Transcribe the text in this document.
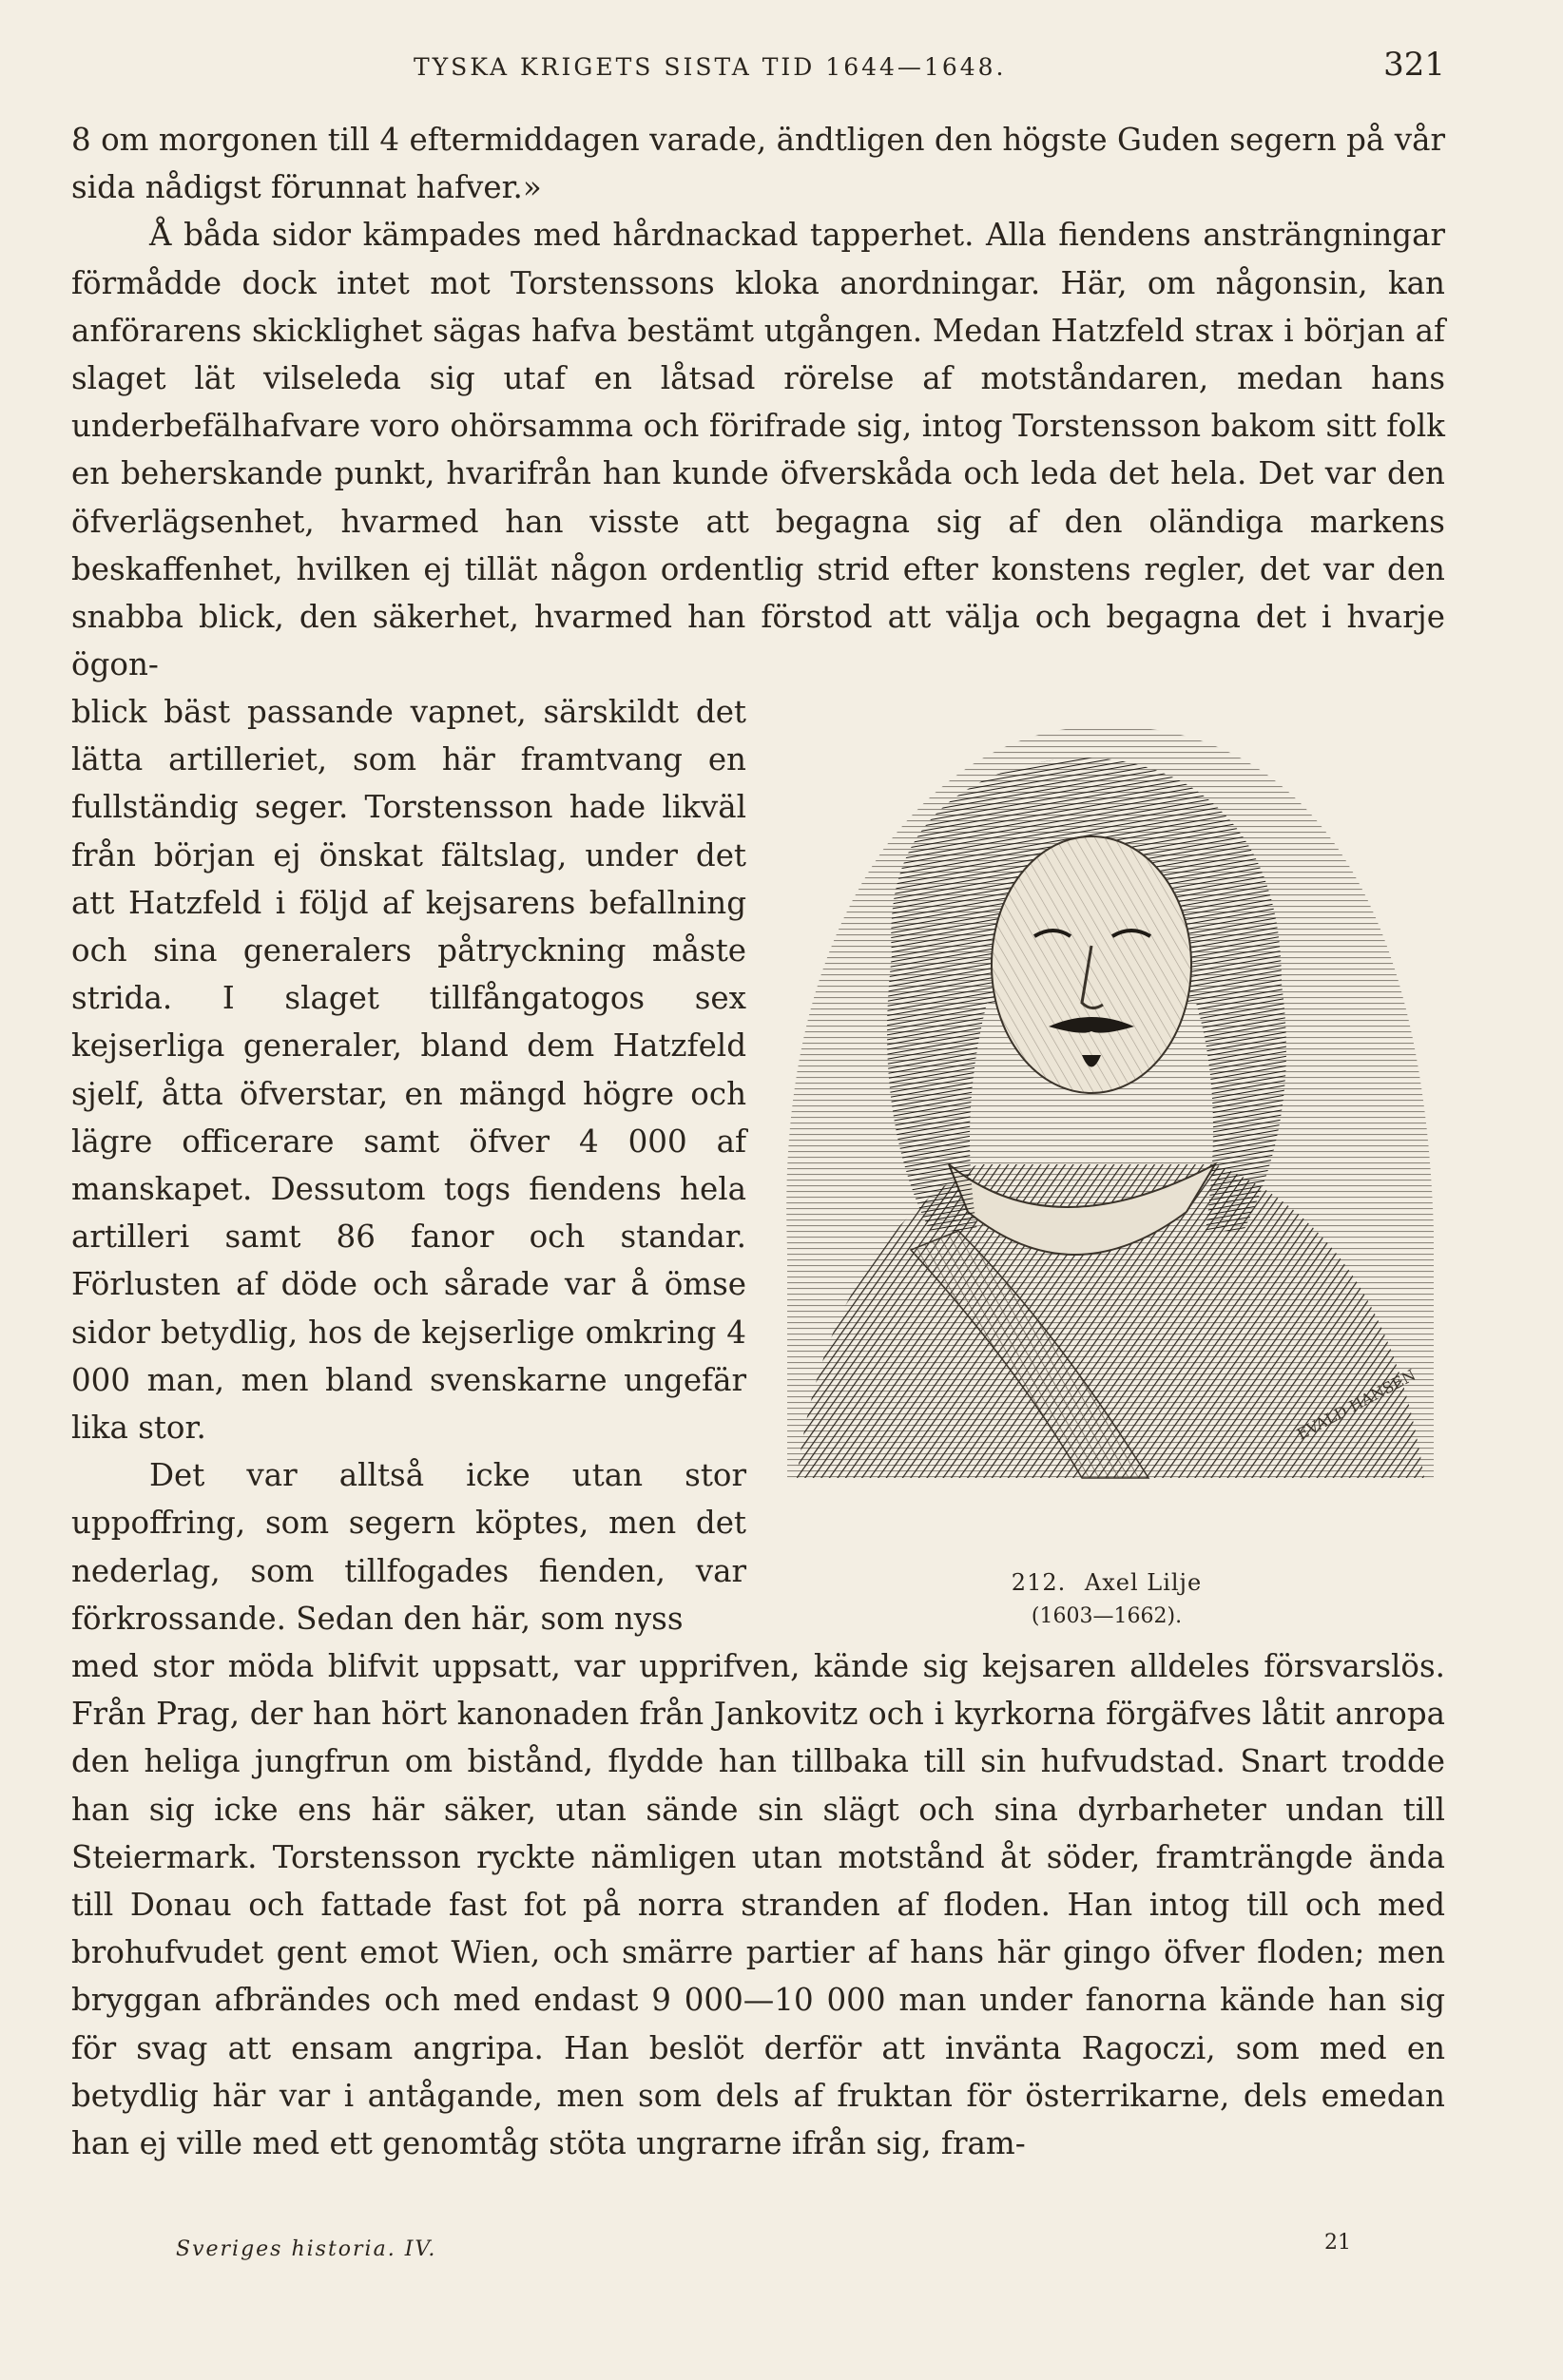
TYSKA KRIGETS SISTA TID 1644—1648.	321

8 om morgonen till 4 eftermiddagen varade, ändtligen den högste Guden segern på vår sida nådigst förunnat hafver.»

Å båda sidor kämpades med hårdnackad tapperhet. Alla fiendens ansträngningar förmådde dock intet mot Torstenssons kloka anordningar. Här, om någonsin, kan anförarens skicklighet sägas hafva bestämt utgången. Medan Hatzfeld strax i början af slaget lät vilseleda sig utaf en låtsad rörelse af motståndaren, medan hans underbefälhafvare voro ohörsamma och förifrade sig, intog Torstensson bakom sitt folk en beherskande punkt, hvarifrån han kunde öfverskåda och leda det hela. Det var den öfverlägsenhet, hvarmed han visste att begagna sig af den oländiga markens beskaffenhet, hvilken ej tillät någon ordentlig strid efter konstens regler, det var den snabba blick, den säkerhet, hvarmed han förstod att välja och begagna det i hvarje ögon-

blick bäst passande vapnet, särskildt det lätta artilleriet, som här framtvang en fullständig seger. Torstensson hade likväl från början ej önskat fältslag, under det att Hatzfeld i följd af kejsarens befallning och sina generalers påtryckning måste strida. I slaget tillfångatogos sex kejserliga generaler, bland dem Hatzfeld sjelf, åtta öfverstar, en mängd högre och lägre officerare samt öfver 4 000 af manskapet. Dessutom togs fiendens hela artilleri samt 86 fanor och standar. Förlusten af döde och sårade var å ömse sidor betydlig, hos de kejserlige omkring 4 000 man, men bland svenskarne ungefär lika stor.

Det var alltså icke utan stor uppoffring, som segern köptes, men det nederlag, som tillfogades fienden, var förkrossande. Sedan den här, som nyss

EVALD HANSEN
212. Axel Lilje
(1603—1662).

med stor möda blifvit uppsatt, var upprifven, kände sig kejsaren alldeles försvarslös. Från Prag, der han hört kanonaden från Jankovitz och i kyrkorna förgäfves låtit anropa den heliga jungfrun om bistånd, flydde han tillbaka till sin hufvudstad. Snart trodde han sig icke ens här säker, utan sände sin slägt och sina dyrbarheter undan till Steiermark. Torstensson ryckte nämligen utan motstånd åt söder, framträngde ända till Donau och fattade fast fot på norra stranden af floden. Han intog till och med brohufvudet gent emot Wien, och smärre partier af hans här gingo öfver floden; men bryggan afbrändes och med endast 9 000—10 000 man under fanorna kände han sig för svag att ensam angripa. Han beslöt derför att invänta Ragoczi, som med en betydlig här var i antågande, men som dels af fruktan för österrikarne, dels emedan han ej ville med ett genomtåg stöta ungrarne ifrån sig, fram-

Sveriges historia. IV.	21
